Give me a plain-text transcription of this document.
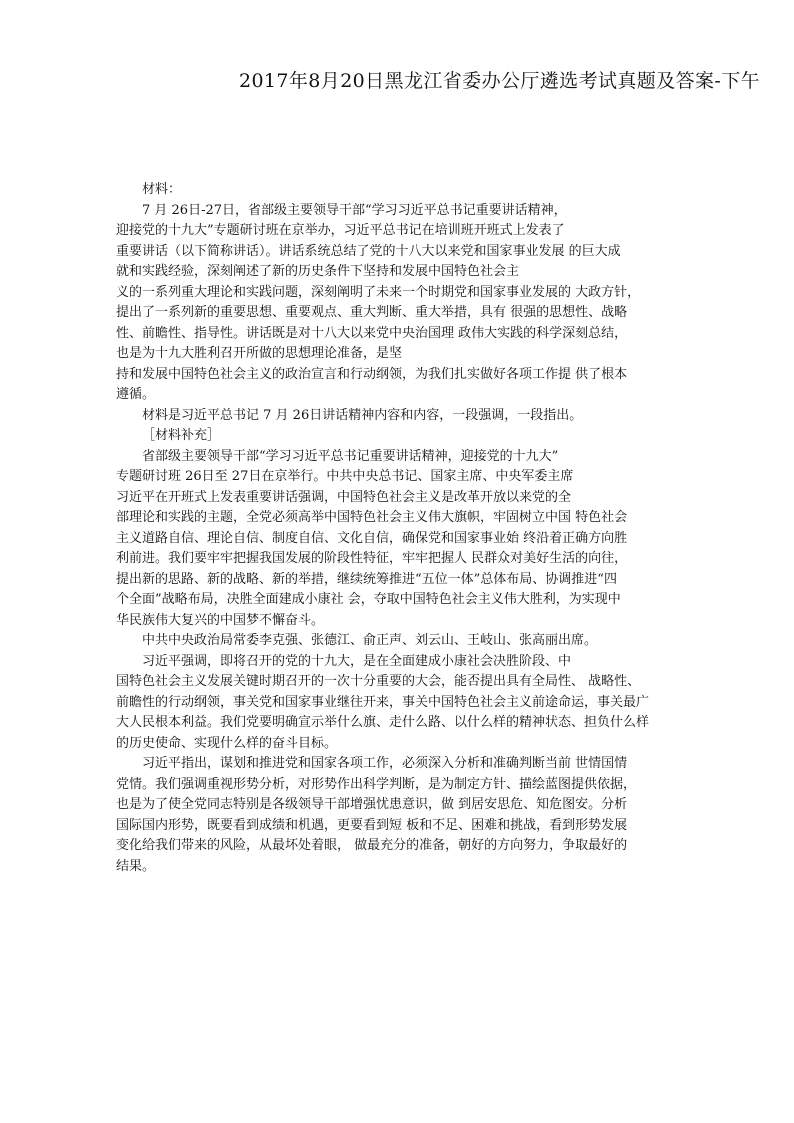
2017年8月20日黑龙江省委办公厅遴选考试真题及答案-下午
材料：
7 月 26日-27日，省部级主要领导干部“学习习近平总书记重要讲话精神，
迎接党的十九大”专题研讨班在京举办，习近平总书记在培训班开班式上发表了
重要讲话（以下简称讲话）。讲话系统总结了党的十八大以来党和国家事业发展 的巨大成
就和实践经验，深刻阐述了新的历史条件下坚持和发展中国特色社会主
义的一系列重大理论和实践问题，深刻阐明了未来一个时期党和国家事业发展的 大政方针，
提出了一系列新的重要思想、重要观点、重大判断、重大举措，具有 很强的思想性、战略
性、前瞻性、指导性。讲话既是对十八大以来党中央治国理 政伟大实践的科学深刻总结，
也是为十九大胜利召开所做的思想理论准备，是坚
持和发展中国特色社会主义的政治宣言和行动纲领，为我们扎实做好各项工作提 供了根本
遵循。
材料是习近平总书记 7 月 26日讲话精神内容和内容，一段强调，一段指出。
［材料补充］
省部级主要领导干部“学习习近平总书记重要讲话精神，迎接党的十九大”
专题研讨班 26日至 27日在京举行。中共中央总书记、国家主席、中央军委主席
习近平在开班式上发表重要讲话强调，中国特色社会主义是改革开放以来党的全
部理论和实践的主题，全党必须高举中国特色社会主义伟大旗帜，牢固树立中国 特色社会
主义道路自信、理论自信、制度自信、文化自信，确保党和国家事业始 终沿着正确方向胜
利前进。我们要牢牢把握我国发展的阶段性特征，牢牢把握人 民群众对美好生活的向往，
提出新的思路、新的战略、新的举措，继续统筹推进“五位一体”总体布局、协调推进“四
个全面”战略布局，决胜全面建成小康社 会，夺取中国特色社会主义伟大胜利，为实现中
华民族伟大复兴的中国梦不懈奋斗。
中共中央政治局常委李克强、张德江、俞正声、刘云山、王岐山、张高丽出席。
习近平强调，即将召开的党的十九大，是在全面建成小康社会决胜阶段、中
国特色社会主义发展关键时期召开的一次十分重要的大会，能否提出具有全局性、 战略性、
前瞻性的行动纲领，事关党和国家事业继往开来，事关中国特色社会主义前途命运，事关最广
大人民根本利益。我们党要明确宣示举什么旗、走什么路、以什么样的精神状态、担负什么样
的历史使命、实现什么样的奋斗目标。
习近平指出，谋划和推进党和国家各项工作，必须深入分析和准确判断当前 世情国情
党情。我们强调重视形势分析，对形势作出科学判断，是为制定方针、描绘蓝图提供依据，
也是为了使全党同志特别是各级领导干部增强忧患意识，做 到居安思危、知危图安。分析
国际国内形势，既要看到成绩和机遇，更要看到短 板和不足、困难和挑战，看到形势发展
变化给我们带来的风险，从最坏处着眼， 做最充分的准备，朝好的方向努力，争取最好的
结果。
